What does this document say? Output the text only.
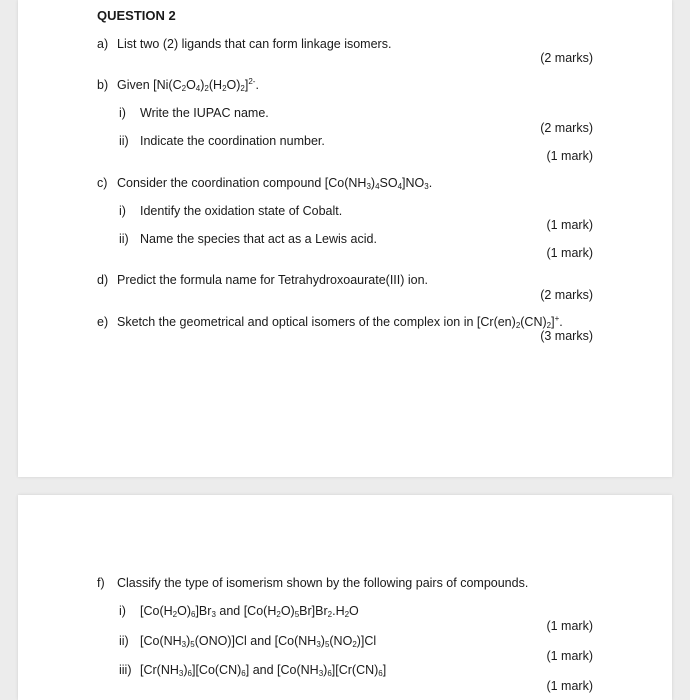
QUESTION 2
a) List two (2) ligands that can form linkage isomers.
(2 marks)
b) Given $[Ni(C_2O_4)_2(H_2O)_2]^{2-}$.
i) Write the IUPAC name.
(2 marks)
ii) Indicate the coordination number.
(1 mark)
c) Consider the coordination compound $[Co(NH_3)_4SO_4]NO_3$.
i) Identify the oxidation state of Cobalt.
(1 mark)
ii) Name the species that act as a Lewis acid.
(1 mark)
d) Predict the formula name for Tetrahydroxoaurate(III) ion.
(2 marks)
e) Sketch the geometrical and optical isomers of the complex ion in $[Cr(en)_2(CN)_2]^+$.
(3 marks)
f) Classify the type of isomerism shown by the following pairs of compounds.
i) $[Co(H_2O)_6]Br_3$ and $[Co(H_2O)_5Br]Br_2.H_2O$
(1 mark)
ii) $[Co(NH_3)_5(ONO)]Cl$ and $[Co(NH_3)_5(NO_2)]Cl$
(1 mark)
iii) $[Cr(NH_3)_6][Co(CN)_6]$ and $[Co(NH_3)_6][Cr(CN)_6]$
(1 mark)
